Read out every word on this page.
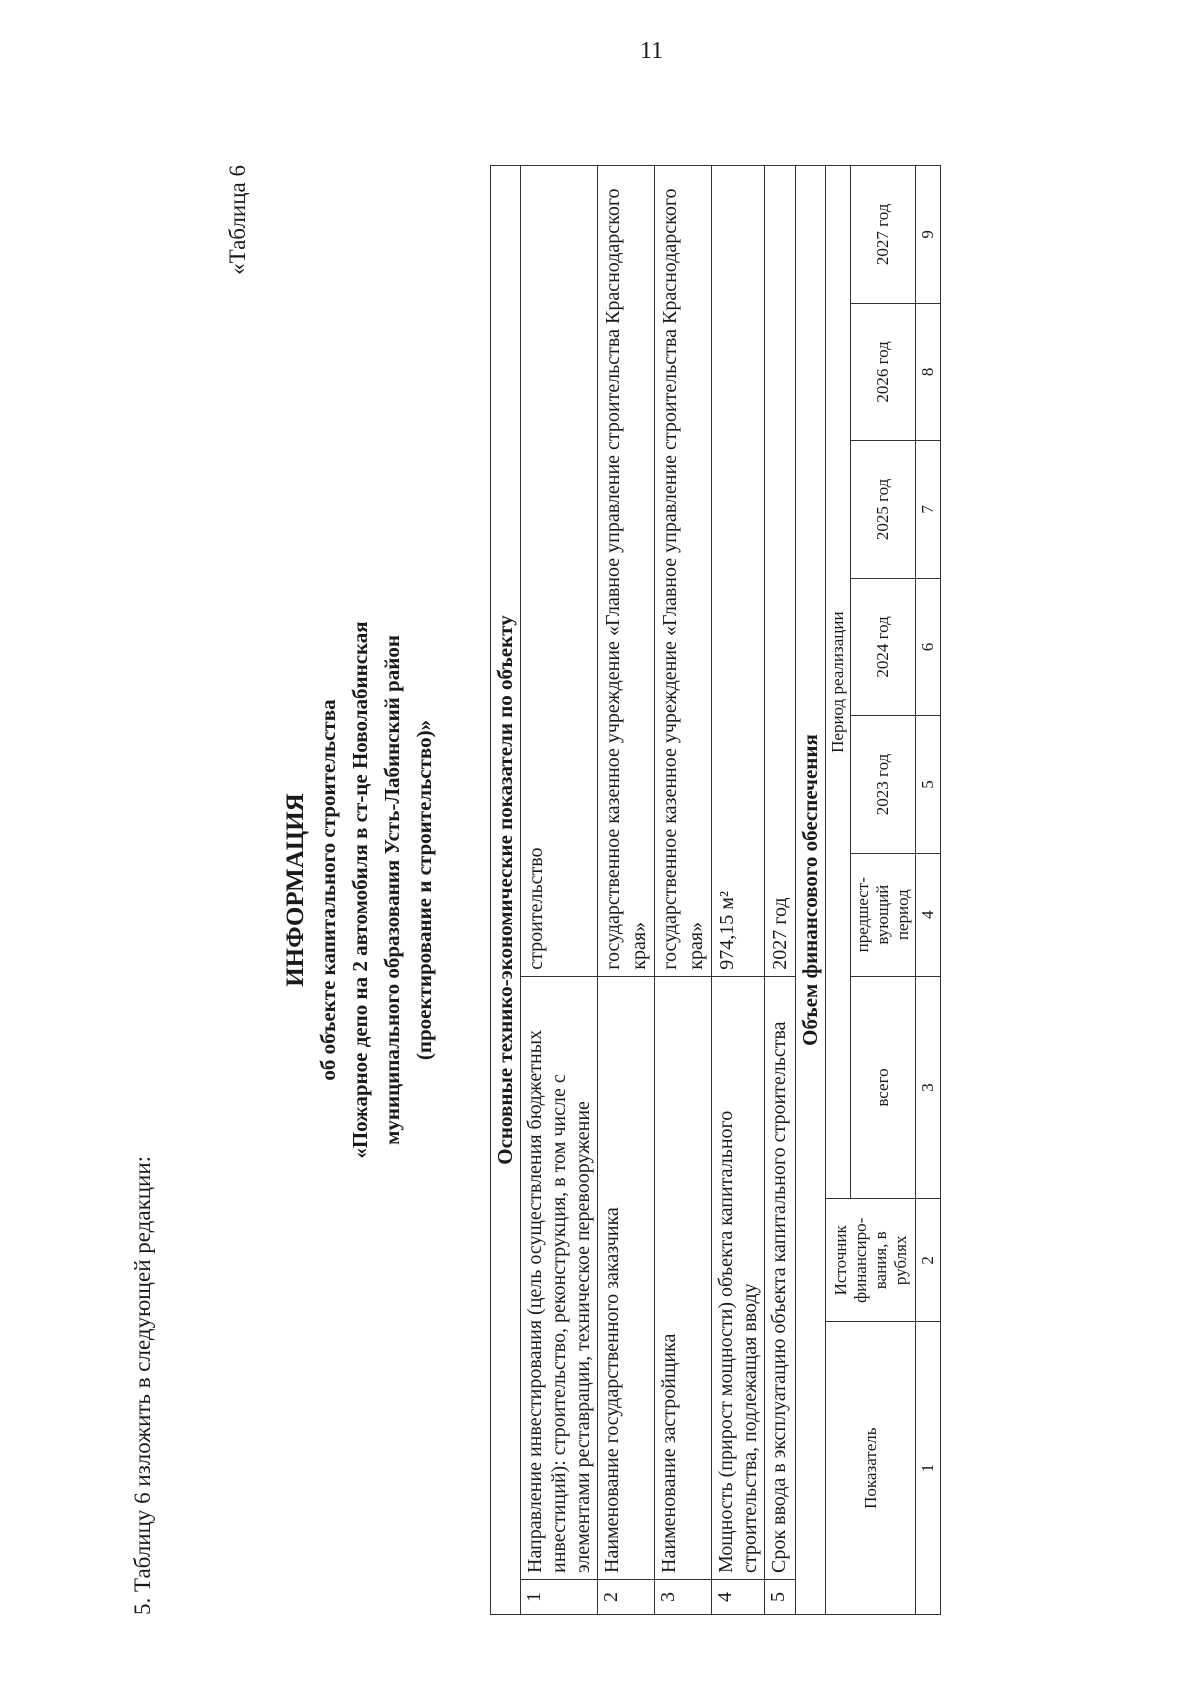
11
5. Таблицу 6 изложить в следующей редакции:
«Таблица 6
ИНФОРМАЦИЯ об объекте капитального строительства «Пожарное депо на 2 автомобиля в ст-це Новолабинская муниципального образования Усть-Лабинский район (проектирование и строительство)»	Основные технико-экономические показатели по объекту									
1	Направление инвестирования (цель осуществления бюджетных инвестиций): строительство, реконструкция, в том числе с элементами реставрации, техническое перевооружение			строительство					
2	Наименование государственного заказчика			государственное казенное учреждение «Главное управление строительства Краснодарского края»					
3	Наименование застройщика			государственное казенное учреждение «Главное управление строительства Краснодарского края»					
4	Мощность (прирост мощности) объекта капитального строительства, подлежащая вводу			974,15 м²					
5	Срок ввода в эксплуатацию объекта капитального строительства			2027 год					
Объем финансового обеспечения									
Показатель		Источник финансиро-вания, в рублях	Период реализации						
			всего	предшест-вующий период	2023 год	2024 год	2025 год	2026 год	2027 год
1		2	3	4	5	6	7	8	9
